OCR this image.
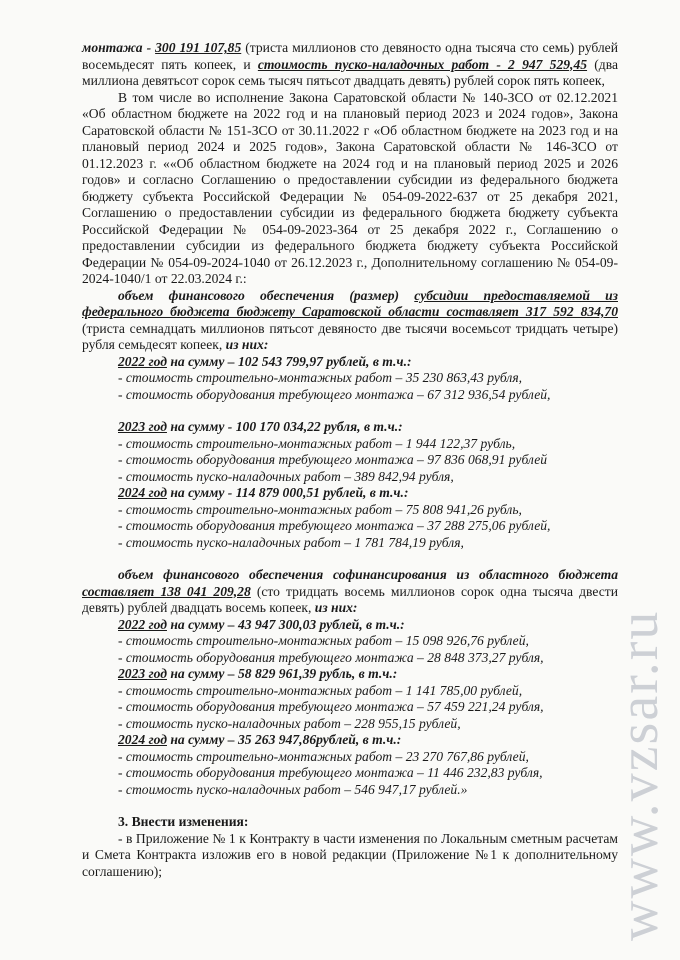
монтажа - 300 191 107,85 (триста миллионов сто девяносто одна тысяча сто семь) рублей восемьдесят пять копеек, и стоимость пуско-наладочных работ - 2 947 529,45 (два миллиона девятьсот сорок семь тысяч пятьсот двадцать девять) рублей сорок пять копеек,

В том числе во исполнение Закона Саратовской области № 140-ЗСО от 02.12.2021 «Об областном бюджете на 2022 год и на плановый период 2023 и 2024 годов», Закона Саратовской области № 151-ЗСО от 30.11.2022 г «Об областном бюджете на 2023 год и на плановый период 2024 и 2025 годов», Закона Саратовской области № 146-ЗСО от 01.12.2023 г. ««Об областном бюджете на 2024 год и на плановый период 2025 и 2026 годов» и согласно Соглашению о предоставлении субсидии из федерального бюджета бюджету субъекта Российской Федерации № 054-09-2022-637 от 25 декабря 2021, Соглашению о предоставлении субсидии из федерального бюджета бюджету субъекта Российской Федерации № 054-09-2023-364 от 25 декабря 2022 г., Соглашению о предоставлении субсидии из федерального бюджета бюджету субъекта Российской Федерации № 054-09-2024-1040 от 26.12.2023 г., Дополнительному соглашению № 054-09-2024-1040/1 от 22.03.2024 г.:

объем финансового обеспечения (размер) субсидии предоставляемой из федерального бюджета бюджету Саратовской области составляет 317 592 834,70 (триста семнадцать миллионов пятьсот девяносто две тысячи восемьсот тридцать четыре) рубля семьдесят копеек, из них:

2022 год на сумму – 102 543 799,97 рублей, в т.ч.:

- стоимость строительно-монтажных работ – 35 230 863,43 рубля,

- стоимость оборудования требующего монтажа – 67 312 936,54 рублей,

2023 год на сумму - 100 170 034,22 рубля, в т.ч.:

- стоимость строительно-монтажных работ – 1 944 122,37 рубль,

- стоимость оборудования требующего монтажа – 97 836 068,91 рублей

- стоимость пуско-наладочных работ – 389 842,94 рубля,

2024 год на сумму - 114 879 000,51 рублей, в т.ч.:

- стоимость строительно-монтажных работ – 75 808 941,26 рубль,

- стоимость оборудования требующего монтажа – 37 288 275,06 рублей,

- стоимость пуско-наладочных работ – 1 781 784,19 рубля,

объем финансового обеспечения софинансирования из областного бюджета составляет 138 041 209,28 (сто тридцать восемь миллионов сорок одна тысяча двести девять) рублей двадцать восемь копеек, из них:

2022 год на сумму – 43 947 300,03 рублей, в т.ч.:

- стоимость строительно-монтажных работ – 15 098 926,76 рублей,

- стоимость оборудования требующего монтажа – 28 848 373,27 рубля,

2023 год на сумму – 58 829 961,39 рубль, в т.ч.:

- стоимость строительно-монтажных работ – 1 141 785,00 рублей,

- стоимость оборудования требующего монтажа – 57 459 221,24 рубля,

- стоимость пуско-наладочных работ – 228 955,15 рублей,

2024 год на сумму – 35 263 947,86рублей, в т.ч.:

- стоимость строительно-монтажных работ – 23 270 767,86 рублей,

- стоимость оборудования требующего монтажа – 11 446 232,83 рубля,

- стоимость пуско-наладочных работ – 546 947,17 рублей.»

3. Внести изменения:

- в Приложение № 1 к Контракту в части изменения по Локальным сметным расчетам и Смета Контракта изложив его в новой редакции (Приложение №1 к дополнительному соглашению);	www.vzsar.ru
